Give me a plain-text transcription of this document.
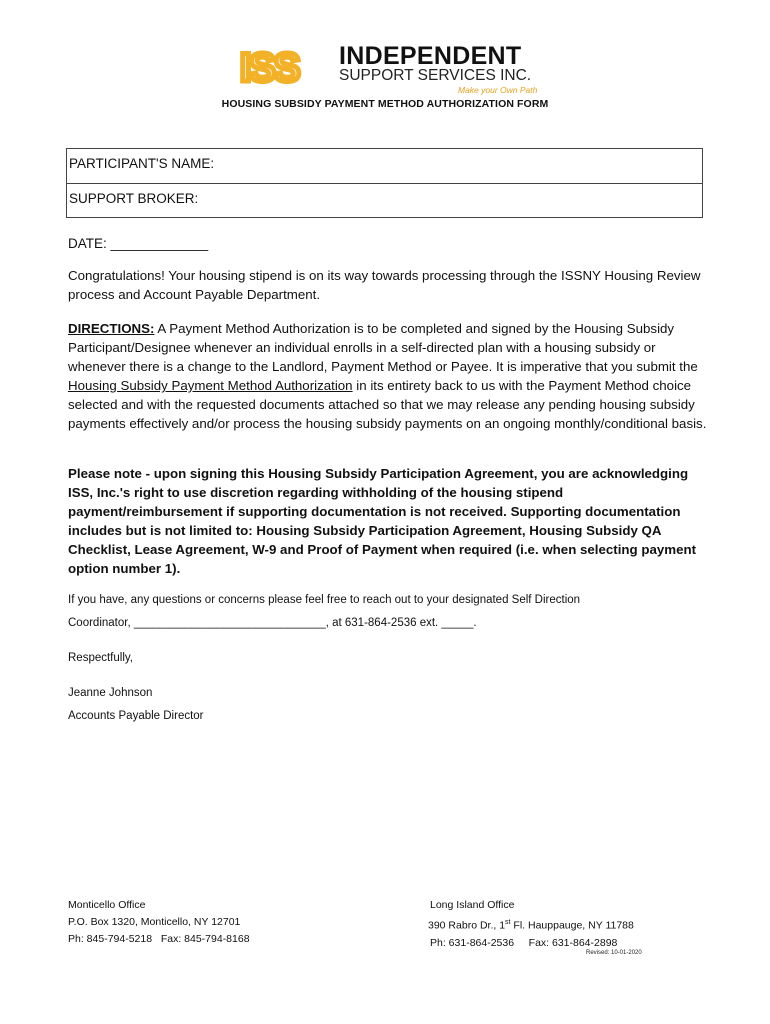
ISS INDEPENDENT
SUPPORT SERVICES INC.
Make your Own Path
HOUSING SUBSIDY PAYMENT METHOD AUTHORIZATION FORM
PARTICIPANT'S NAME:
SUPPORT BROKER:
DATE: _____________
Congratulations! Your housing stipend is on its way towards processing through the ISSNY Housing Review process and Account Payable Department.
DIRECTIONS: A Payment Method Authorization is to be completed and signed by the Housing Subsidy Participant/Designee whenever an individual enrolls in a self-directed plan with a housing subsidy or whenever there is a change to the Landlord, Payment Method or Payee. It is imperative that you submit the Housing Subsidy Payment Method Authorization in its entirety back to us with the Payment Method choice selected and with the requested documents attached so that we may release any pending housing subsidy payments effectively and/or process the housing subsidy payments on an ongoing monthly/conditional basis.
Please note - upon signing this Housing Subsidy Participation Agreement, you are acknowledging ISS, Inc.'s right to use discretion regarding withholding of the housing stipend payment/reimbursement if supporting documentation is not received. Supporting documentation includes but is not limited to: Housing Subsidy Participation Agreement, Housing Subsidy QA Checklist, Lease Agreement, W-9 and Proof of Payment when required (i.e. when selecting payment option number 1).
If you have, any questions or concerns please feel free to reach out to your designated Self Direction
Coordinator, ______________________________, at 631-864-2536 ext. _____.
Respectfully,
Jeanne Johnson
Accounts Payable Director
Monticello Office
P.O. Box 1320, Monticello, NY 12701
Ph: 845-794-5218   Fax: 845-794-8168
Long Island Office
390 Rabro Dr., 1st Fl. Hauppauge, NY 11788
Ph: 631-864-2536     Fax: 631-864-2898
Revised: 10-01-2020
